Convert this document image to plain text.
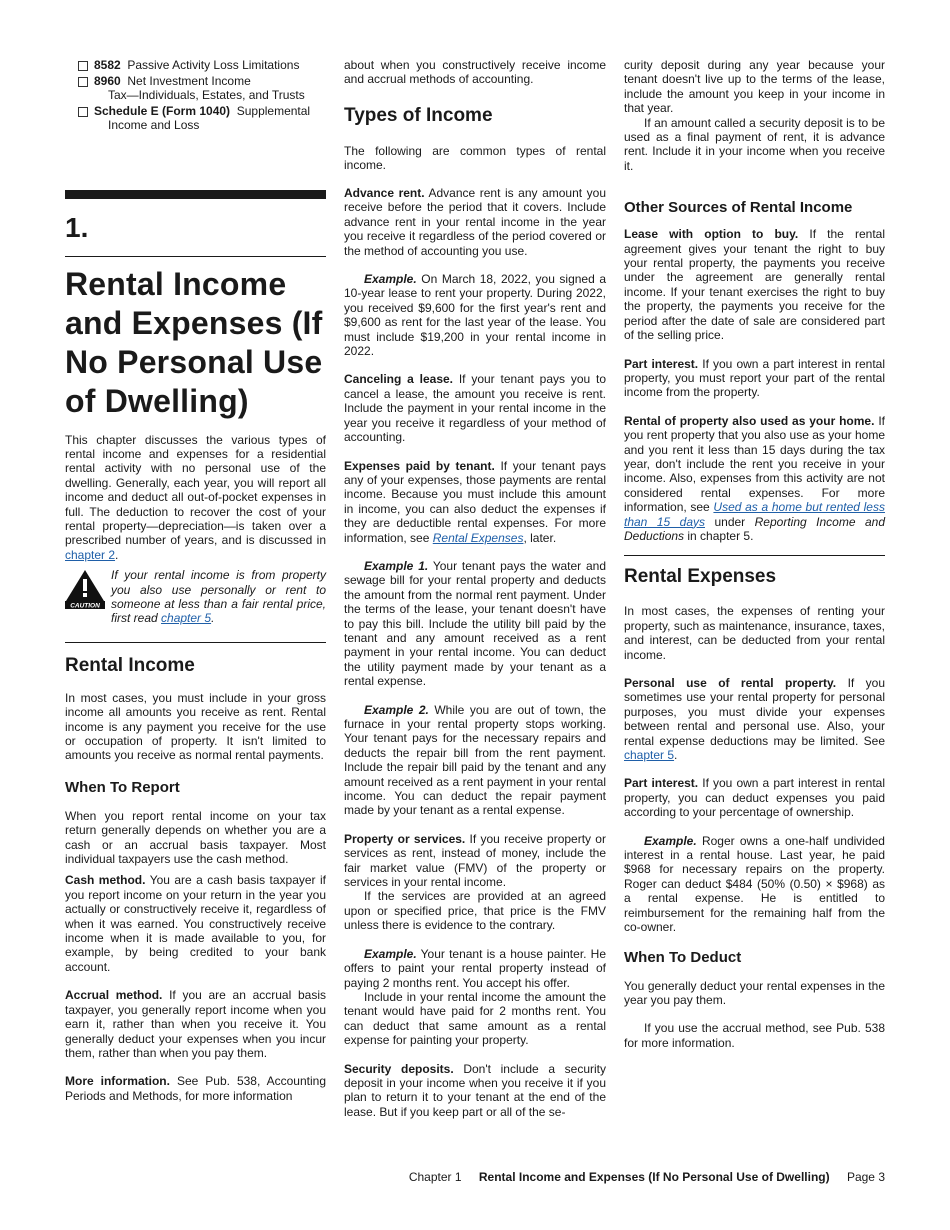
8582 Passive Activity Loss Limitations
8960 Net Investment Income
Tax—Individuals, Estates, and Trusts
Schedule E (Form 1040) Supplemental
Income and Loss
1.
Rental Income and Expenses (If No Personal Use of Dwelling)

This chapter discusses the various types of rental income and expenses for a residential rental activity with no personal use of the dwelling. Generally, each year, you will report all income and deduct all out-of-pocket expenses in full. The deduction to recover the cost of your rental property—depreciation—is taken over a prescribed number of years, and is discussed in chapter 2.

CAUTION

If your rental income is from property you also use personally or rent to someone at less than a fair rental price, first read chapter 5.

Rental Income

In most cases, you must include in your gross income all amounts you receive as rent. Rental income is any payment you receive for the use or occupation of property. It isn't limited to amounts you receive as normal rental payments.

When To Report

When you report rental income on your tax return generally depends on whether you are a cash or an accrual basis taxpayer. Most individual taxpayers use the cash method.

Cash method. You are a cash basis taxpayer if you report income on your return in the year you actually or constructively receive it, regardless of when it was earned. You constructively receive income when it is made available to you, for example, by being credited to your bank account.

Accrual method. If you are an accrual basis taxpayer, you generally report income when you earn it, rather than when you receive it. You generally deduct your expenses when you incur them, rather than when you pay them.

More information. See Pub. 538, Accounting Periods and Methods, for more information

Types of Income

The following are common types of rental income.

Advance rent. Advance rent is any amount you receive before the period that it covers. Include advance rent in your rental income in the year you receive it regardless of the period covered or the method of accounting you use.

Example. On March 18, 2022, you signed a 10-year lease to rent your property. During 2022, you received $9,600 for the first year's rent and $9,600 as rent for the last year of the lease. You must include $19,200 in your rental income in 2022.

Canceling a lease. If your tenant pays you to cancel a lease, the amount you receive is rent. Include the payment in your rental income in the year you receive it regardless of your method of accounting.

Expenses paid by tenant. If your tenant pays any of your expenses, those payments are rental income. Because you must include this amount in income, you can also deduct the expenses if they are deductible rental expenses. For more information, see Rental Expenses, later.

Example 1. Your tenant pays the water and sewage bill for your rental property and deducts the amount from the normal rent payment. Under the terms of the lease, your tenant doesn't have to pay this bill. Include the utility bill paid by the tenant and any amount received as a rent payment in your rental income. You can deduct the utility payment made by your tenant as a rental expense.

Example 2. While you are out of town, the furnace in your rental property stops working. Your tenant pays for the necessary repairs and deducts the repair bill from the rent payment. Include the repair bill paid by the tenant and any amount received as a rent payment in your rental income. You can deduct the repair payment made by your tenant as a rental expense.

Property or services. If you receive property or services as rent, instead of money, include the fair market value (FMV) of the property or services in your rental income.

If the services are provided at an agreed upon or specified price, that price is the FMV unless there is evidence to the contrary.

Example. Your tenant is a house painter. He offers to paint your rental property instead of paying 2 months rent. You accept his offer.

Include in your rental income the amount the tenant would have paid for 2 months rent. You can deduct that same amount as a rental expense for painting your property.

Security deposits. Don't include a security deposit in your income when you receive it if you plan to return it to your tenant at the end of the lease. But if you keep part or all of the se-

about when you constructively receive income and accrual methods of accounting.

curity deposit during any year because your tenant doesn't live up to the terms of the lease, include the amount you keep in your income in that year.

If an amount called a security deposit is to be used as a final payment of rent, it is advance rent. Include it in your income when you receive it.

Other Sources of Rental Income

Lease with option to buy. If the rental agreement gives your tenant the right to buy your rental property, the payments you receive under the agreement are generally rental income. If your tenant exercises the right to buy the property, the payments you receive for the period after the date of sale are considered part of the selling price.

Part interest. If you own a part interest in rental property, you must report your part of the rental income from the property.

Rental of property also used as your home. If you rent property that you also use as your home and you rent it less than 15 days during the tax year, don't include the rent you receive in your income. Also, expenses from this activity are not considered rental expenses. For more information, see Used as a home but rented less than 15 days under Reporting Income and Deductions in chapter 5.

Rental Expenses

In most cases, the expenses of renting your property, such as maintenance, insurance, taxes, and interest, can be deducted from your rental income.

Personal use of rental property. If you sometimes use your rental property for personal purposes, you must divide your expenses between rental and personal use. Also, your rental expense deductions may be limited. See chapter 5.

Part interest. If you own a part interest in rental property, you can deduct expenses you paid according to your percentage of ownership.

Example. Roger owns a one-half undivided interest in a rental house. Last year, he paid $968 for necessary repairs on the property. Roger can deduct $484 (50% (0.50) × $968) as a rental expense. He is entitled to reimbursement for the remaining half from the co-owner.

When To Deduct

You generally deduct your rental expenses in the year you pay them.

If you use the accrual method, see Pub. 538 for more information.

Chapter 1 Rental Income and Expenses (If No Personal Use of Dwelling) Page 3
